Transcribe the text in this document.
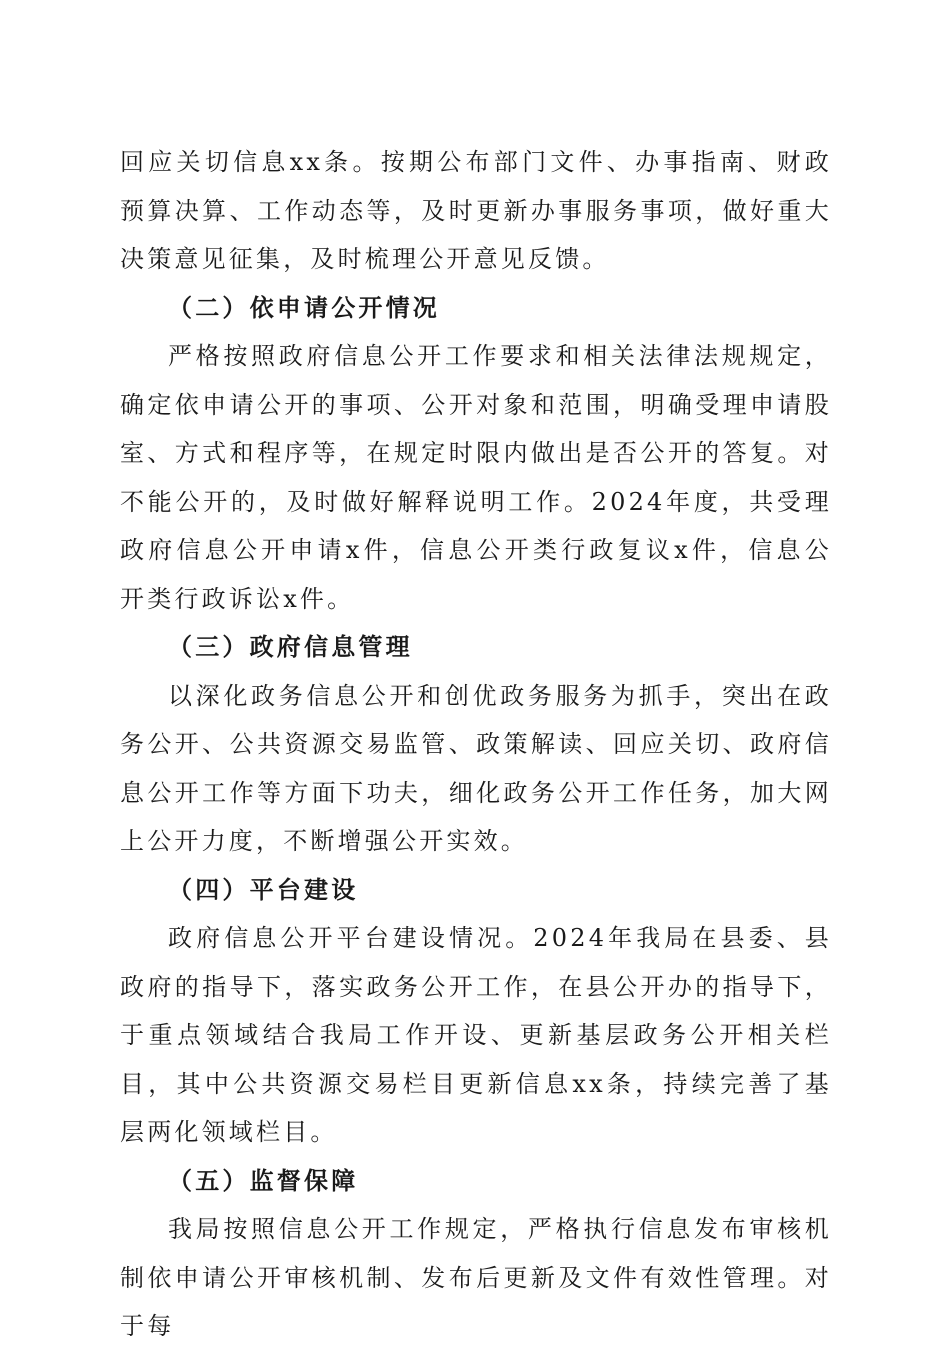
回应关切信息xx条。按期公布部门文件、办事指南、财政预算决算、工作动态等，及时更新办事服务事项，做好重大决策意见征集，及时梳理公开意见反馈。

（二）依申请公开情况

严格按照政府信息公开工作要求和相关法律法规规定，确定依申请公开的事项、公开对象和范围，明确受理申请股室、方式和程序等，在规定时限内做出是否公开的答复。对不能公开的，及时做好解释说明工作。2024年度，共受理政府信息公开申请x件，信息公开类行政复议x件，信息公开类行政诉讼x件。

（三）政府信息管理

以深化政务信息公开和创优政务服务为抓手，突出在政务公开、公共资源交易监管、政策解读、回应关切、政府信息公开工作等方面下功夫，细化政务公开工作任务，加大网上公开力度，不断增强公开实效。

（四）平台建设

政府信息公开平台建设情况。2024年我局在县委、县政府的指导下，落实政务公开工作，在县公开办的指导下，于重点领域结合我局工作开设、更新基层政务公开相关栏目，其中公共资源交易栏目更新信息xx条，持续完善了基层两化领域栏目。

（五）监督保障

我局按照信息公开工作规定，严格执行信息发布审核机制依申请公开审核机制、发布后更新及文件有效性管理。对于每
